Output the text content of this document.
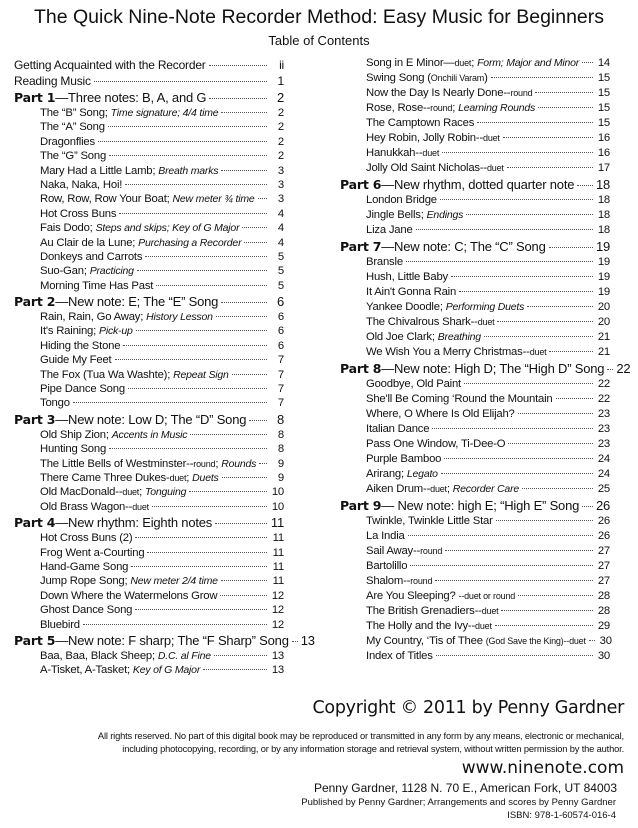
The Quick Nine-Note Recorder Method: Easy Music for Beginners
Table of Contents
Getting Acquainted with the Recorder	ii
Reading Music	1
Part 1—Three notes: B, A, and G	2
The “B” Song; Time signature; 4/4 time	2
The “A” Song	2
Dragonflies	2
The “G” Song	2
Mary Had a Little Lamb; Breath marks	3
Naka, Naka, Hoi!	3
Row, Row, Row Your Boat; New meter ¾ time	3
Hot Cross Buns	4
Fais Dodo; Steps and skips; Key of G Major	4
Au Clair de la Lune; Purchasing a Recorder	4
Donkeys and Carrots	5
Suo-Gan; Practicing	5
Morning Time Has Past	5
Part 2—New note: E; The “E” Song	6
Rain, Rain, Go Away; History Lesson	6
It's Raining; Pick-up	6
Hiding the Stone	6
Guide My Feet	7
The Fox (Tua Wa Washte); Repeat Sign	7
Pipe Dance Song	7
Tongo	7
Part 3—New note: Low D; The “D” Song	8
Old Ship Zion; Accents in Music	8
Hunting Song	8
The Little Bells of Westminster--round; Rounds	9
There Came Three Dukes-duet; Duets	9
Old MacDonald--duet; Tonguing	10
Old Brass Wagon--duet	10
Part 4—New rhythm: Eighth notes	11
Hot Cross Buns (2)	11
Frog Went a-Courting	11
Hand-Game Song	11
Jump Rope Song; New meter 2/4 time	11
Down Where the Watermelons Grow	12
Ghost Dance Song	12
Bluebird	12
Part 5—New note: F sharp; The “F Sharp” Song 13
Baa, Baa, Black Sheep; D.C. al Fine	13
A-Tisket, A-Tasket; Key of G Major	13
Song in E Minor—duet; Form; Major and Minor 14
Swing Song (Onchili Varam)	15
Now the Day Is Nearly Done--round	15
Rose, Rose--round; Learning Rounds	15
The Camptown Races	15
Hey Robin, Jolly Robin--duet	16
Hanukkah--duet	16
Jolly Old Saint Nicholas--duet	17
Part 6—New rhythm, dotted quarter note 18
London Bridge	18
Jingle Bells; Endings	18
Liza Jane	18
Part 7—New note: C; The “C” Song	19
Bransle	19
Hush, Little Baby	19
It Ain't Gonna Rain	19
Yankee Doodle; Performing Duets	20
The Chivalrous Shark--duet	20
Old Joe Clark; Breathing	21
We Wish You a Merry Christmas--duet	21
Part 8—New note: High D; The “High D” Song 22
Goodbye, Old Paint	22
She'll Be Coming ‘Round the Mountain	22
Where, O Where Is Old Elijah?	23
Italian Dance	23
Pass One Window, Ti-Dee-O	23
Purple Bamboo	24
Arirang; Legato	24
Aiken Drum--duet; Recorder Care	25
Part 9— New note: high E; “High E” Song 26
Twinkle, Twinkle Little Star	26
La India	26
Sail Away--round	27
Bartolillo	27
Shalom--round	27
Are You Sleeping? --duet or round	28
The British Grenadiers--duet	28
The Holly and the Ivy--duet	29
My Country, ‘Tis of Thee (God Save the King)--duet 30
Index of Titles	30
Copyright © 2011 by Penny Gardner
All rights reserved. No part of this digital book may be reproduced or transmitted in any form by any means, electronic or mechanical,
including photocopying, recording, or by any information storage and retrieval system, without written permission by the author.
www.ninenote.com
Penny Gardner, 1128 N. 70 E., American Fork, UT 84003
Published by Penny Gardner; Arrangements and scores by Penny Gardner
ISBN: 978-1-60574-016-4
